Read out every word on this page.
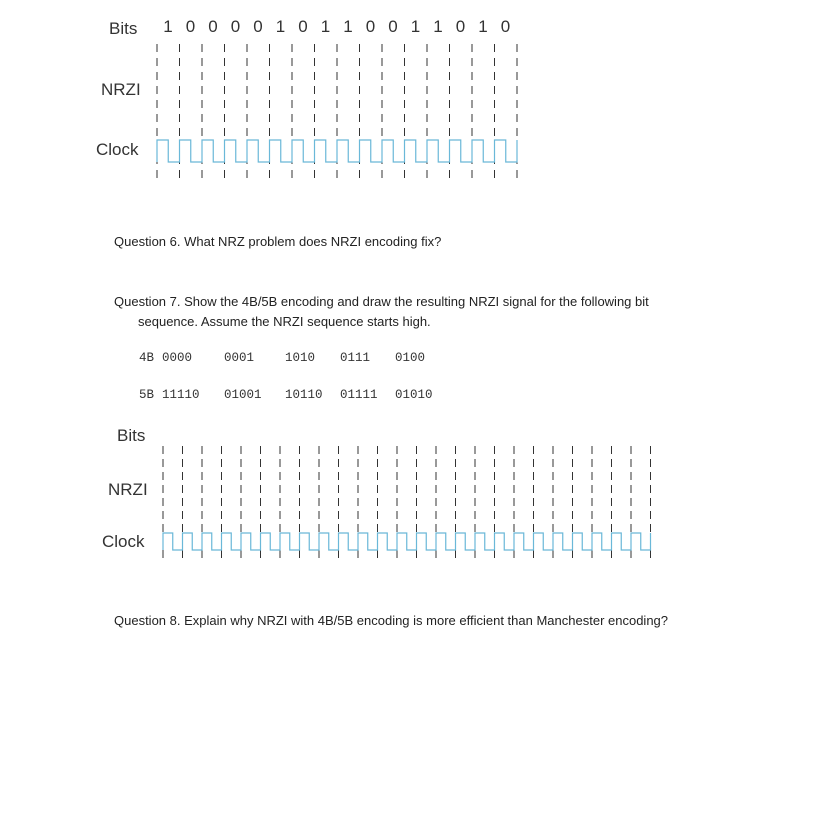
Bits
NRZI
Clock
1 0 0 0 0 1 0 1 1 0 0 1 1 0 1 0
Question 6. What NRZ problem does NRZI encoding fix?
Question 7. Show the 4B/5B encoding and draw the resulting NRZI signal for the following bit
sequence. Assume the NRZI sequence starts high.
4B 0000	0001 1010 0111 0100
5B 11110 01001 10110 01111 01010
Bits
NRZI
Clock
Question 8. Explain why NRZI with 4B/5B encoding is more efficient than Manchester encoding?
